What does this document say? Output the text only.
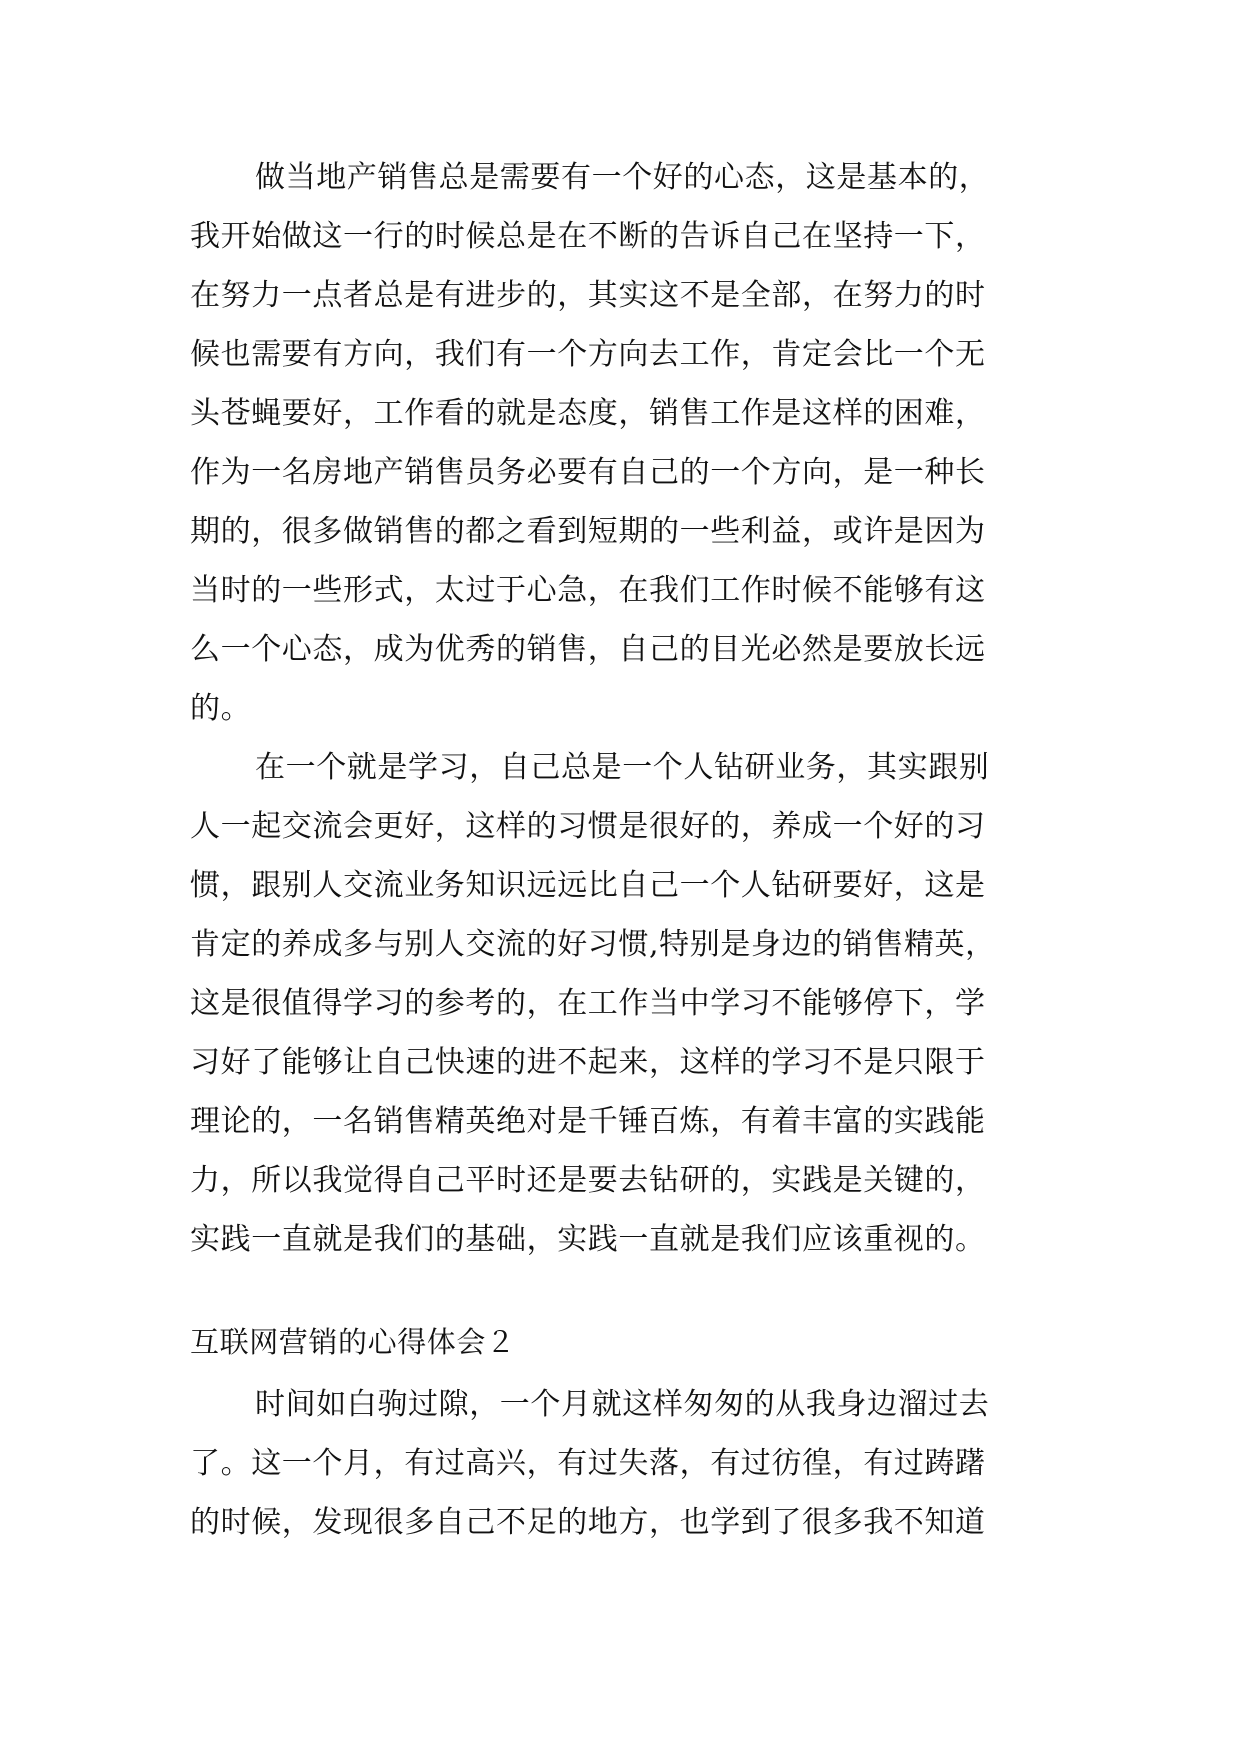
做当地产销售总是需要有一个好的心态，这是基本的，
我开始做这一行的时候总是在不断的告诉自己在坚持一下，
在努力一点者总是有进步的，其实这不是全部，在努力的时
候也需要有方向，我们有一个方向去工作，肯定会比一个无
头苍蝇要好，工作看的就是态度，销售工作是这样的困难，
作为一名房地产销售员务必要有自己的一个方向，是一种长
期的，很多做销售的都之看到短期的一些利益，或许是因为
当时的一些形式，太过于心急，在我们工作时候不能够有这
么一个心态，成为优秀的销售，自己的目光必然是要放长远
的。
在一个就是学习，自己总是一个人钻研业务，其实跟别
人一起交流会更好，这样的习惯是很好的，养成一个好的习
惯，跟别人交流业务知识远远比自己一个人钻研要好，这是
肯定的养成多与别人交流的好习惯,特别是身边的销售精英，
这是很值得学习的参考的，在工作当中学习不能够停下，学
习好了能够让自己快速的进不起来，这样的学习不是只限于
理论的，一名销售精英绝对是千锤百炼，有着丰富的实践能
力，所以我觉得自己平时还是要去钻研的，实践是关键的，
实践一直就是我们的基础，实践一直就是我们应该重视的。
互联网营销的心得体会２
时间如白驹过隙，一个月就这样匆匆的从我身边溜过去
了。这一个月，有过高兴，有过失落，有过彷徨，有过踌躇
的时候，发现很多自己不足的地方，也学到了很多我不知道
